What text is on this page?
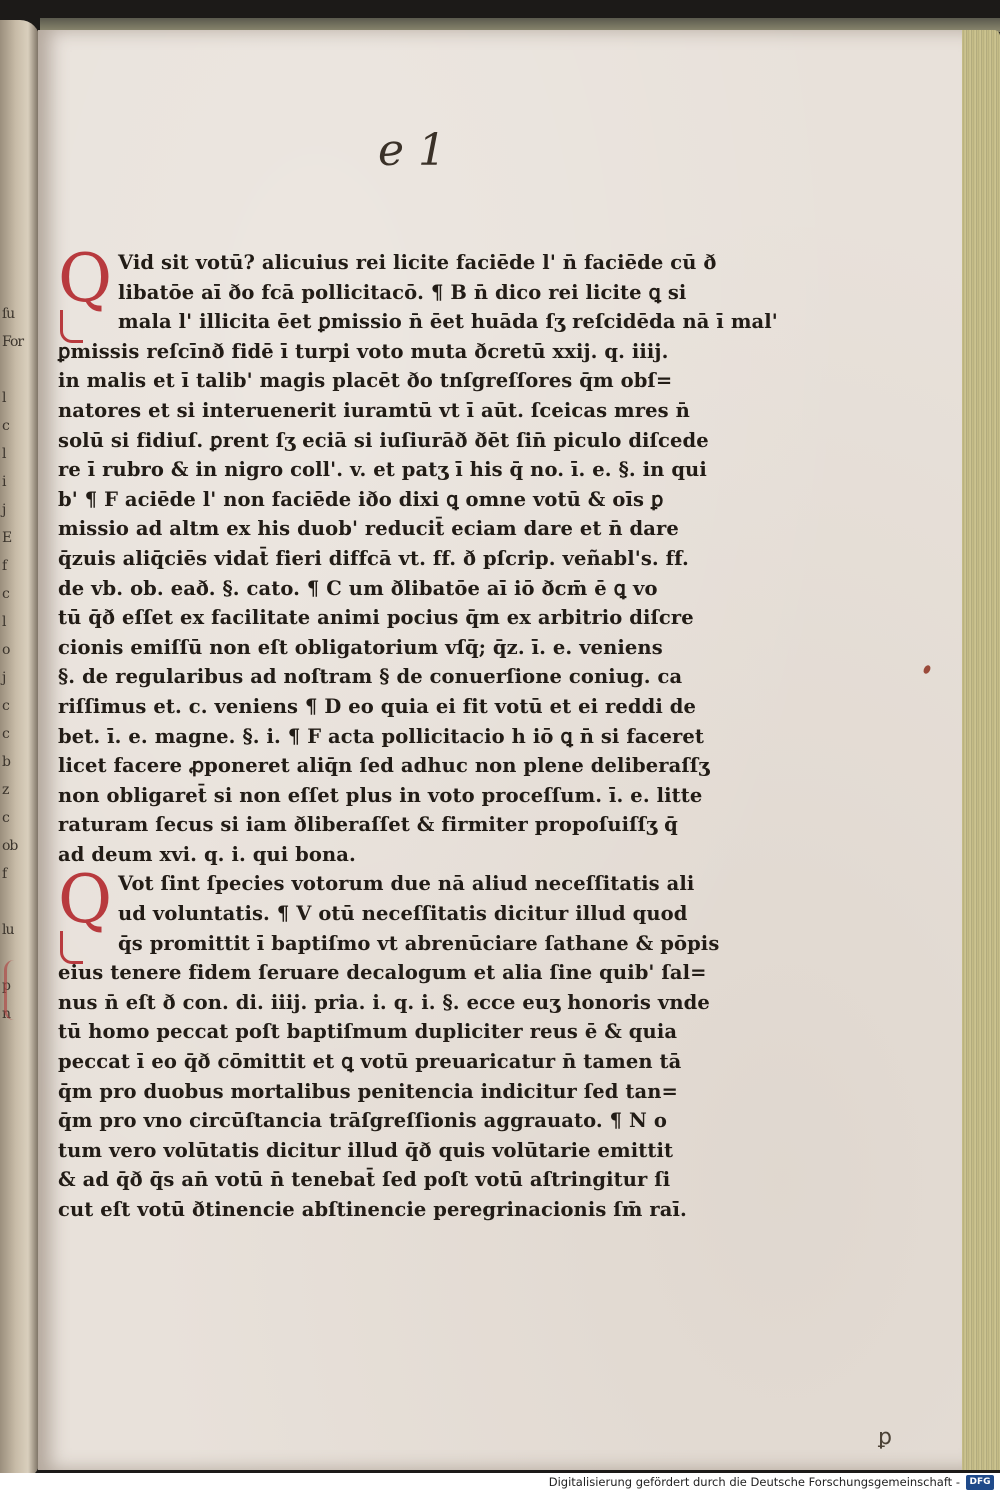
ſu
For

l
c
l
i
j
E
f
c
l
o
j
c
c
b
z
c
ob
f

lu

p
n
e 1
Q Vid sit votū? alicuius rei licite faciēde l' n̄ faciēde cū ð
libatōe aī ðo fcā pollicitacō. ¶ B n̄ dico rei licite ꝗ si
mala l' illicita ēet ꝑmissio n̄ ēet huāda ſʒ reſcidēda nā ī mal'
ꝑmissis reſcīnð fidē ī turpi voto muta ðcretū xxij. q. iiij.
in malis et ī talib' magis placēt ðo tnſgreſſores q̄m obſ=
natores et si interuenerit iuramtū vt ī aūt. ſceicas mres n̄
solū si fidiuſ. ꝑrent ſʒ eciā si iuſiurāð ðēt ſin̄ piculo diſcede
re ī rubro & in nigro coll'. v. et patʒ ī his q̄ no. ī. e. §. in qui
b' ¶ F aciēde l' non faciēde iðo dixi ꝗ omne votū & oīs ꝑ
missio ad altm ex his duob' reducit̄ eciam dare et n̄ dare
q̄zuis aliq̄ciēs vidat̄ fieri diffcā vt. ff. ð pſcrip. veñabl's. ff.
de vb. ob. eað. §. cato. ¶ C um ðlibatōe aī iō ðcm̄ ē ꝗ vo
tū q̄ð eſſet ex facilitate animi pocius q̄m ex arbitrio diſcre
cionis emiſſū non eſt obligatorium vſq̄; q̄z. ī. e. veniens
§. de regularibus ad noſtram § de conuerſione coniug. ca
riſſimus et. c. veniens ¶ D eo quia ei fit votū et ei reddi de
bet. ī. e. magne. §. i. ¶ F acta pollicitacio h iō ꝗ n̄ si faceret
licet facere ꝓponeret aliq̄n ſed adhuc non plene deliberaſſʒ
non obligaret̄ si non eſſet plus in voto proceſſum. ī. e. litte
raturam ſecus si iam ðliberaſſet & firmiter propoſuiſſʒ q̄
ad deum xvi. q. i. qui bona.
Q Vot ſint ſpecies votorum due nā aliud neceſſitatis ali
ud voluntatis. ¶ V otū neceſſitatis dicitur illud quod
q̄s promittit ī baptiſmo vt abrenūciare ſathane & pōpis
eius tenere fidem ſeruare decalogum et alia ſine quib' ſal=
nus n̄ eſt ð con. di. iiij. pria. i. q. i. §. ecce euʒ honoris vnde
tū homo peccat poſt baptiſmum dupliciter reus ē & quia
peccat ī eo q̄ð cōmittit et ꝗ votū preuaricatur n̄ tamen tā
q̄m pro duobus mortalibus penitencia indicitur ſed tan=
q̄m pro vno circūſtancia trāſgreſſionis aggrauato. ¶ N o
tum vero volūtatis dicitur illud q̄ð quis volūtarie emittit
& ad q̄ð q̄s an̄ votū n̄ tenebat̄ ſed poſt votū aſtringitur ſi
cut eſt votū ðtinencie abſtinencie peregrinacionis ſm̄ raī.
ꝑ
Digitalisierung gefördert durch die Deutsche Forschungsgemeinschaft -	DFG
